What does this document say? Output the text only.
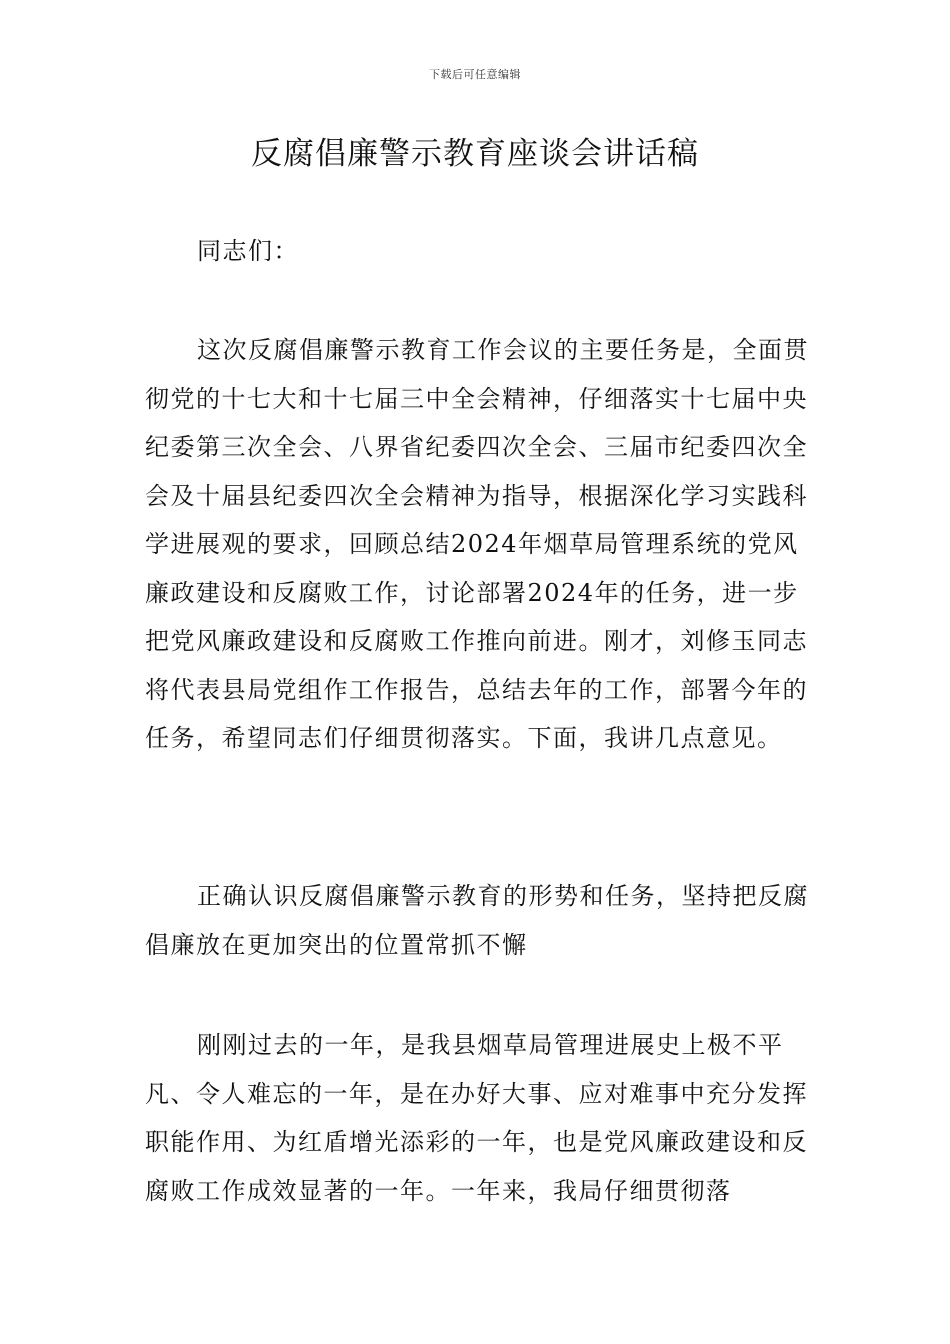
下载后可任意编辑
反腐倡廉警示教育座谈会讲话稿

同志们：

这次反腐倡廉警示教育工作会议的主要任务是，全面贯彻党的十七大和十七届三中全会精神，仔细落实十七届中央纪委第三次全会、八界省纪委四次全会、三届市纪委四次全会及十届县纪委四次全会精神为指导，根据深化学习实践科学进展观的要求，回顾总结2024年烟草局管理系统的党风廉政建设和反腐败工作，讨论部署2024年的任务，进一步把党风廉政建设和反腐败工作推向前进。刚才，刘修玉同志将代表县局党组作工作报告，总结去年的工作，部署今年的任务，希望同志们仔细贯彻落实。下面，我讲几点意见。

正确认识反腐倡廉警示教育的形势和任务，坚持把反腐倡廉放在更加突出的位置常抓不懈

刚刚过去的一年，是我县烟草局管理进展史上极不平凡、令人难忘的一年，是在办好大事、应对难事中充分发挥职能作用、为红盾增光添彩的一年，也是党风廉政建设和反腐败工作成效显著的一年。一年来，我局仔细贯彻落
